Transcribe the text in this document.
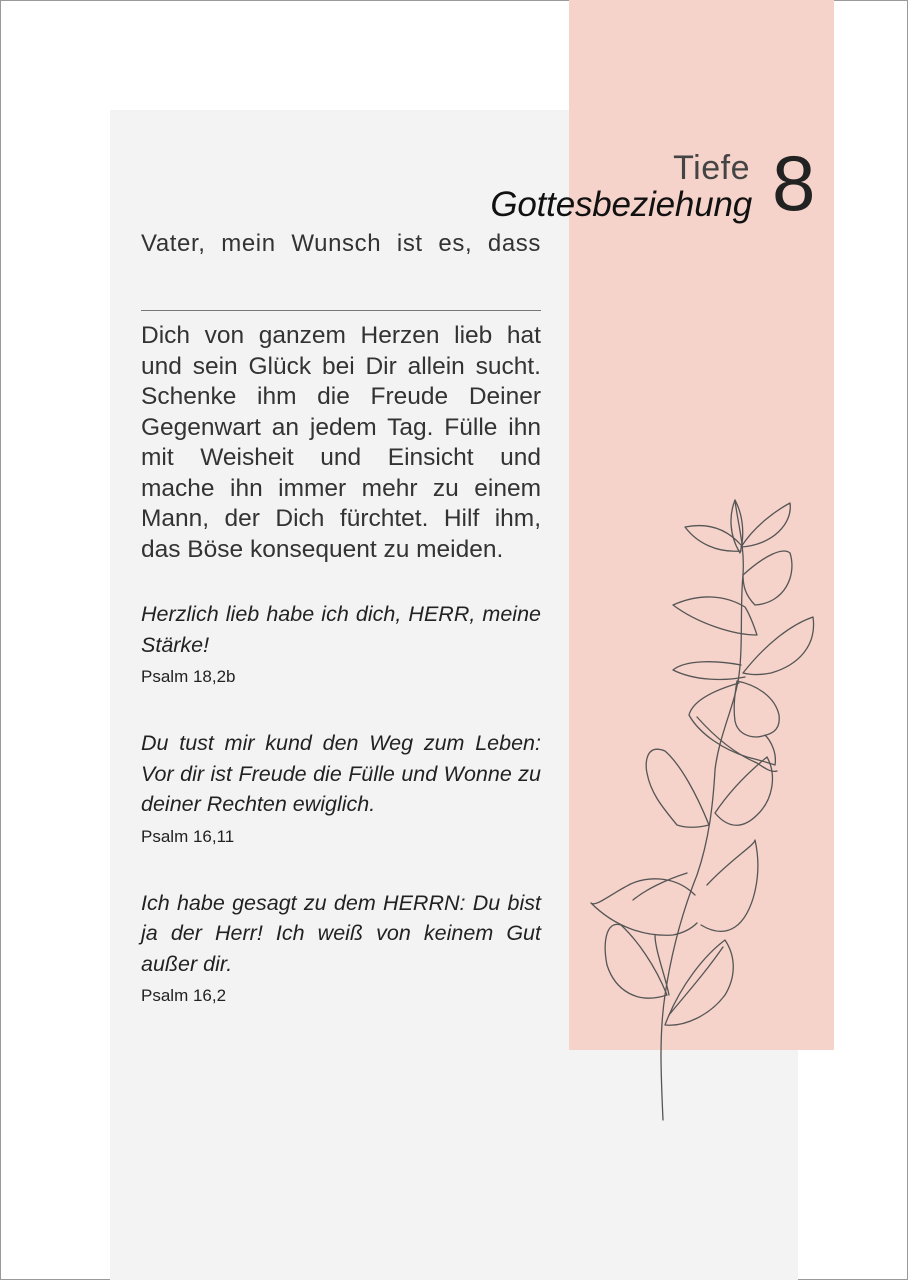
Tiefe
Gottesbeziehung 8

Vater, mein Wunsch ist es, dass

Dich von ganzem Herzen lieb hat und sein Glück bei Dir allein sucht. Schenke ihm die Freude Deiner Gegenwart an jedem Tag. Fülle ihn mit Weisheit und Einsicht und mache ihn immer mehr zu einem Mann, der Dich fürchtet. Hilf ihm, das Böse konsequent zu meiden.

Herzlich lieb habe ich dich, HERR, meine Stärke!

Psalm 18,2b

Du tust mir kund den Weg zum Leben: Vor dir ist Freude die Fülle und Wonne zu deiner Rechten ewiglich.

Psalm 16,11

Ich habe gesagt zu dem HERRN: Du bist ja der Herr! Ich weiß von keinem Gut außer dir.

Psalm 16,2
